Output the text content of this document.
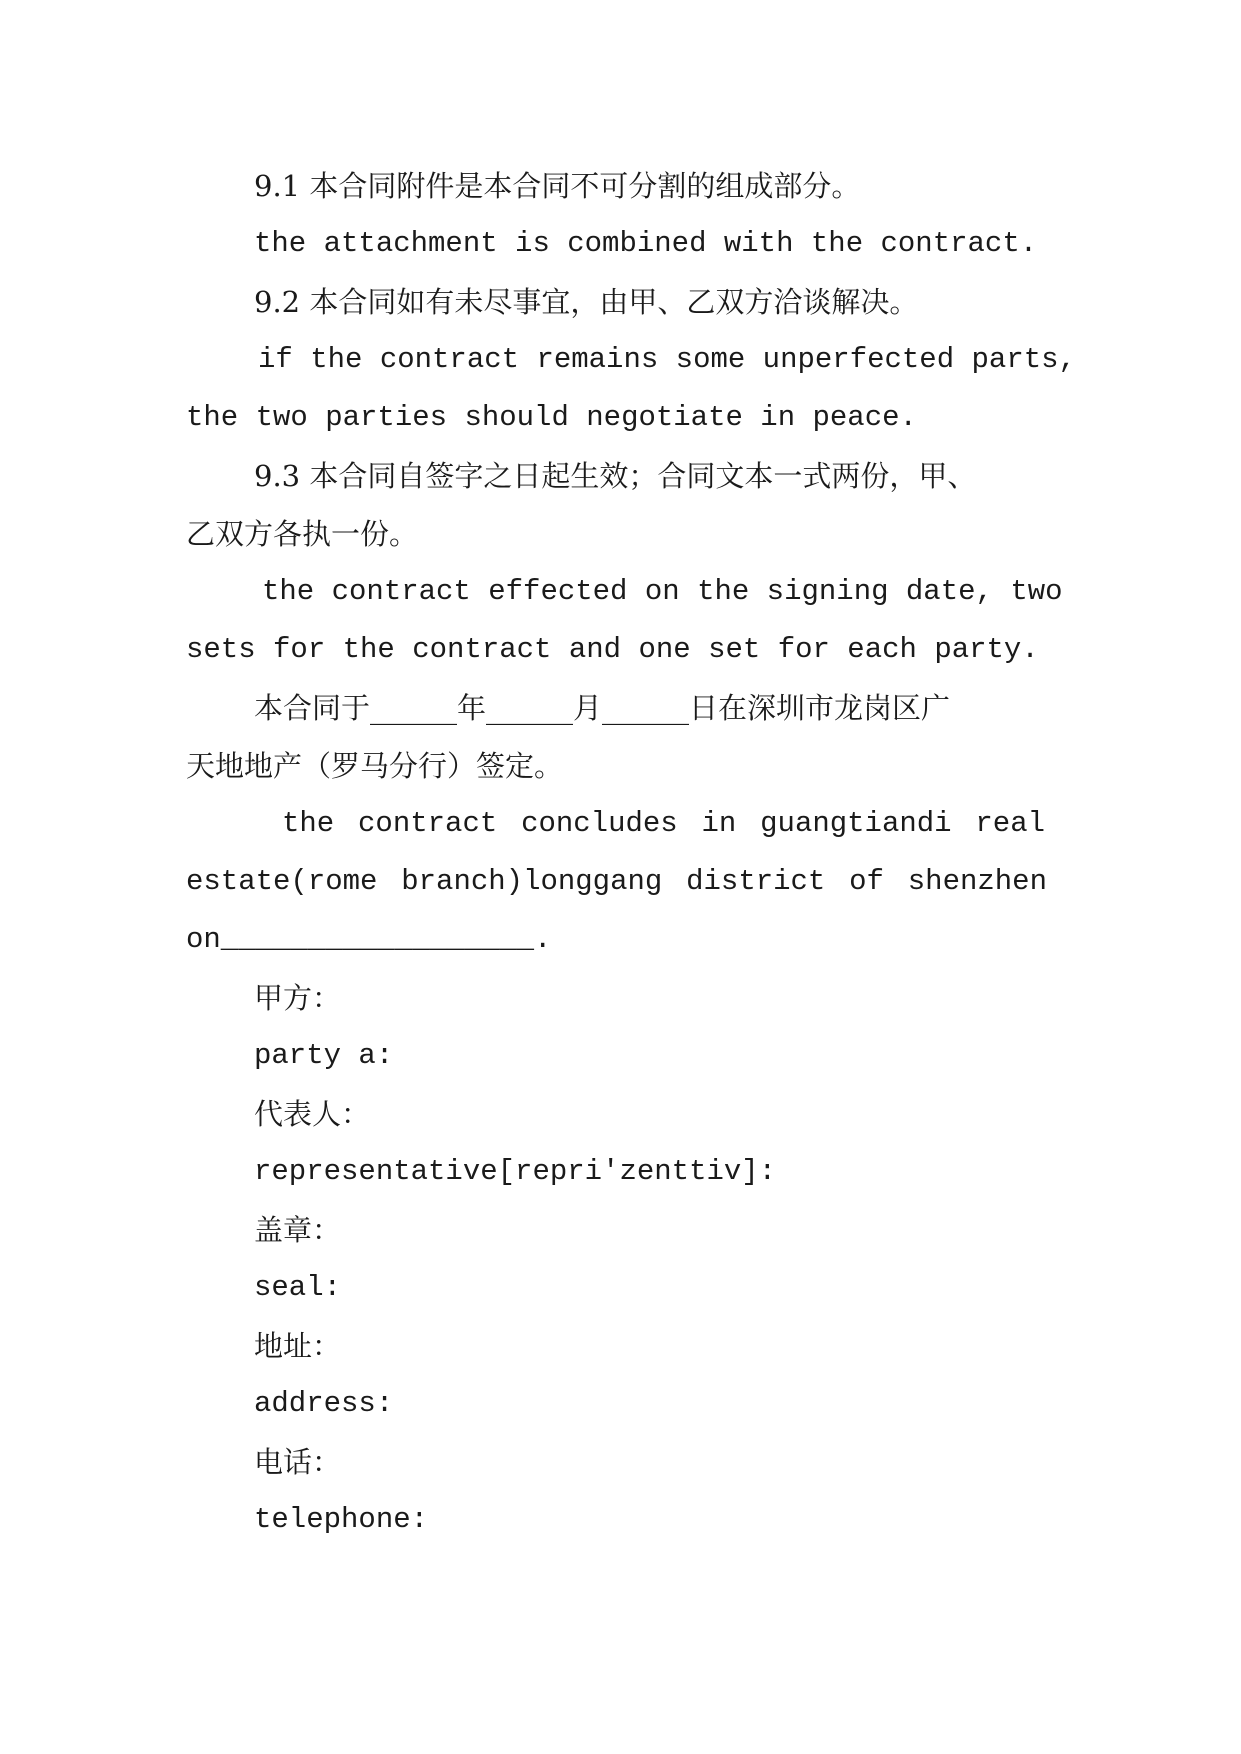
9.1 本合同附件是本合同不可分割的组成部分。

the attachment is combined with the contract.

9.2 本合同如有未尽事宜，由甲、乙双方洽谈解决。

if the contract remains some unperfected parts,

the two parties should negotiate in peace.

9.3 本合同自签字之日起生效；合同文本一式两份，甲、

乙双方各执一份。

the contract effected on the signing date, two

sets for the contract and one set for each party.

本合同于______年______月______日在深圳市龙岗区广

天地地产（罗马分行）签定。

the contract concludes in guangtiandi real

estate(rome branch)longgang district of shenzhen

on__________________.

甲方：

party a:

代表人：

representative[repri'zenttiv]:

盖章：

seal:

地址：

address:

电话：

telephone:
